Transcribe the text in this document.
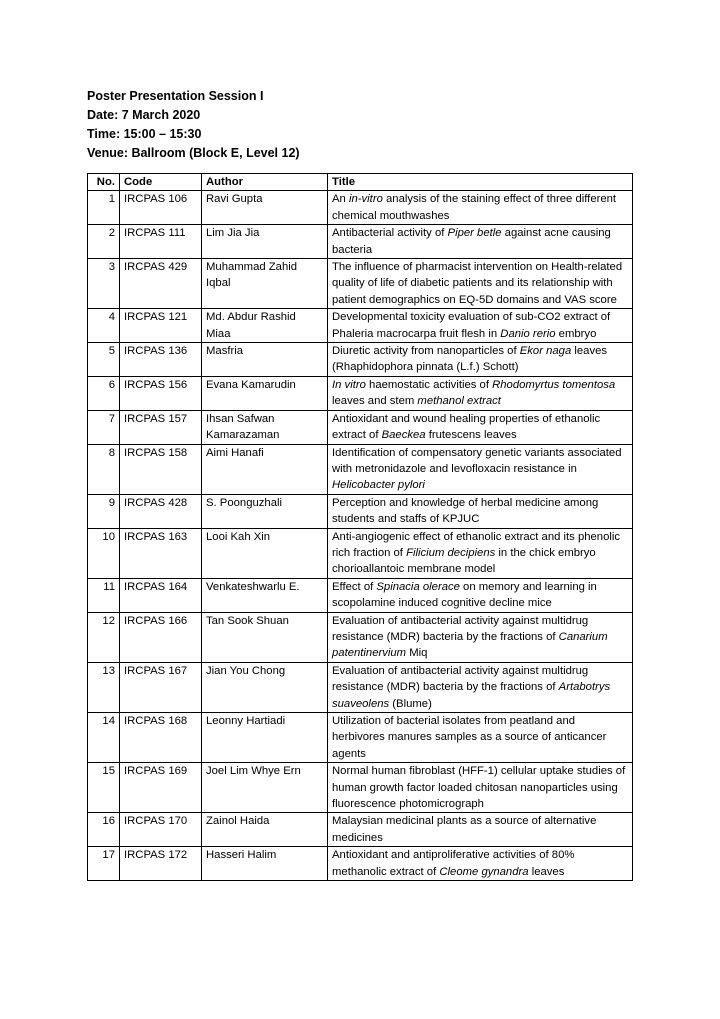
Poster Presentation Session I
Date: 7 March 2020
Time: 15:00 – 15:30
Venue: Ballroom (Block E, Level 12)
No.	Code	Author	Title
1	IRCPAS 106	Ravi Gupta	An in-vitro analysis of the staining effect of three different chemical mouthwashes
2	IRCPAS 111	Lim Jia Jia	Antibacterial activity of Piper betle against acne causing bacteria
3	IRCPAS 429	Muhammad Zahid Iqbal	The influence of pharmacist intervention on Health-related quality of life of diabetic patients and its relationship with patient demographics on EQ-5D domains and VAS score
4	IRCPAS 121	Md. Abdur Rashid Miaa	Developmental toxicity evaluation of sub-CO2 extract of Phaleria macrocarpa fruit flesh in Danio rerio embryo
5	IRCPAS 136	Masfria	Diuretic activity from nanoparticles of Ekor naga leaves (Rhaphidophora pinnata (L.f.) Schott)
6	IRCPAS 156	Evana Kamarudin	In vitro haemostatic activities of Rhodomyrtus tomentosa leaves and stem methanol extract
7	IRCPAS 157	Ihsan Safwan Kamarazaman	Antioxidant and wound healing properties of ethanolic extract of Baeckea frutescens leaves
8	IRCPAS 158	Aimi Hanafi	Identification of compensatory genetic variants associated with metronidazole and levofloxacin resistance in Helicobacter pylori
9	IRCPAS 428	S. Poonguzhali	Perception and knowledge of herbal medicine among students and staffs of KPJUC
10	IRCPAS 163	Looi Kah Xin	Anti-angiogenic effect of ethanolic extract and its phenolic rich fraction of Filicium decipiens in the chick embryo chorioallantoic membrane model
11	IRCPAS 164	Venkateshwarlu E.	Effect of Spinacia olerace on memory and learning in scopolamine induced cognitive decline mice
12	IRCPAS 166	Tan Sook Shuan	Evaluation of antibacterial activity against multidrug resistance (MDR) bacteria by the fractions of Canarium patentinervium Miq
13	IRCPAS 167	Jian You Chong	Evaluation of antibacterial activity against multidrug resistance (MDR) bacteria by the fractions of Artabotrys suaveolens (Blume)
14	IRCPAS 168	Leonny Hartiadi	Utilization of bacterial isolates from peatland and herbivores manures samples as a source of anticancer agents
15	IRCPAS 169	Joel Lim Whye Ern	Normal human fibroblast (HFF-1) cellular uptake studies of human growth factor loaded chitosan nanoparticles using fluorescence photomicrograph
16	IRCPAS 170	Zainol Haida	Malaysian medicinal plants as a source of alternative medicines
17	IRCPAS 172	Hasseri Halim	Antioxidant and antiproliferative activities of 80% methanolic extract of Cleome gynandra leaves
